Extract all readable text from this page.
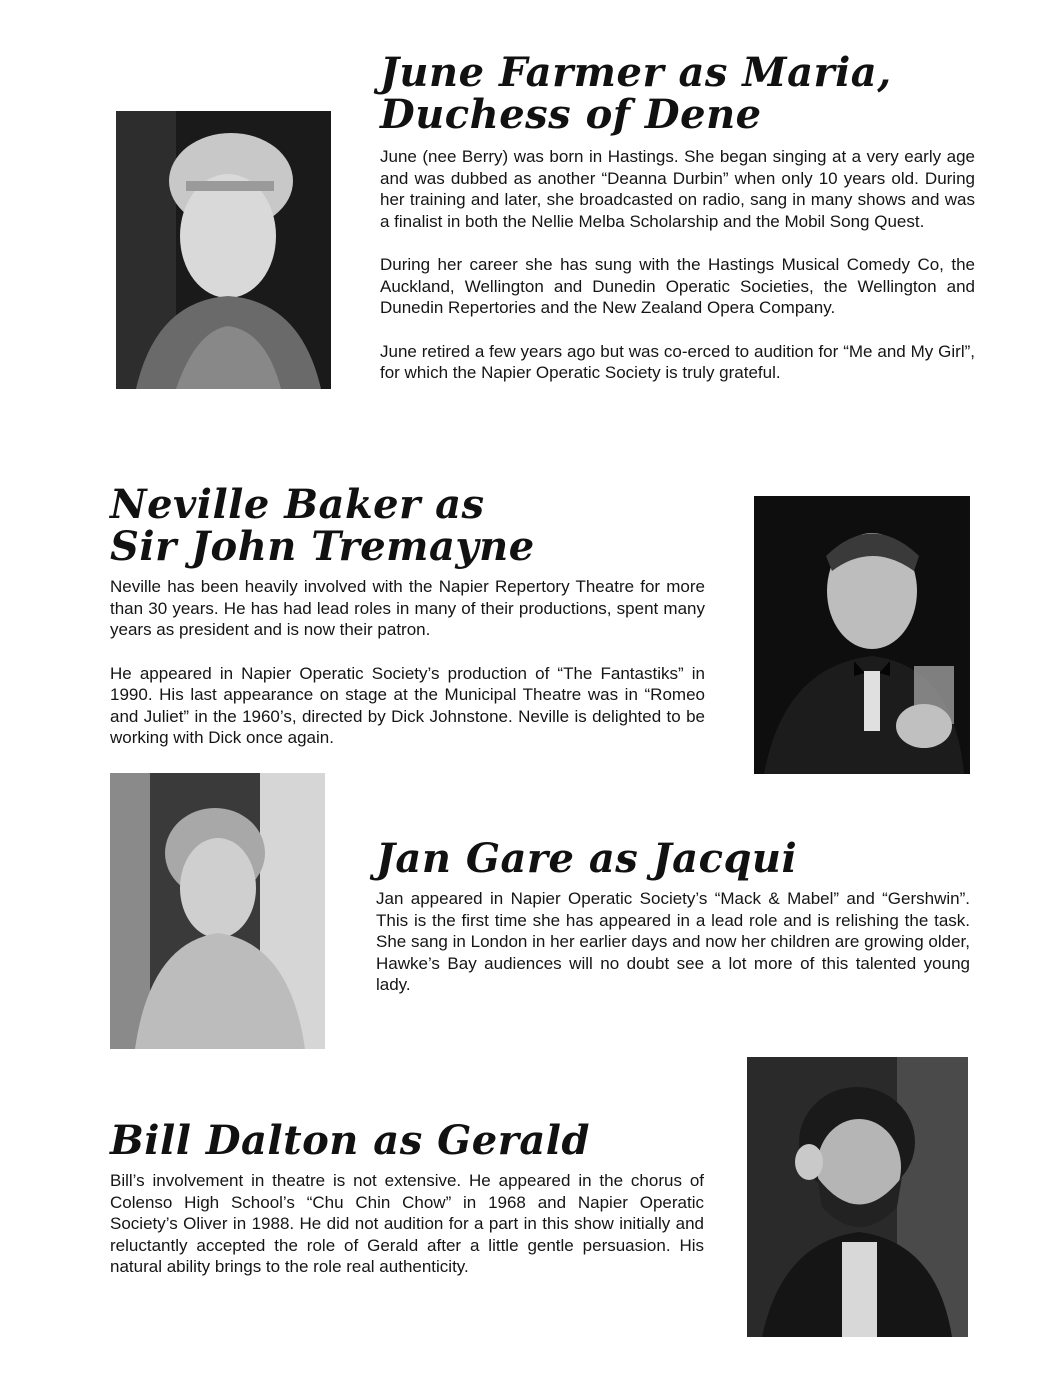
June Farmer as Maria,
Duchess of Dene

June (nee Berry) was born in Hastings. She began singing at a very early age and was dubbed as another “Deanna Durbin” when only 10 years old. During her training and later, she broadcasted on radio, sang in many shows and was a finalist in both the Nellie Melba Scholarship and the Mobil Song Quest.

During her career she has sung with the Hastings Musical Comedy Co, the Auckland, Wellington and Dunedin Operatic Societies, the Wellington and Dunedin Repertories and the New Zealand Opera Company.

June retired a few years ago but was co-erced to audition for “Me and My Girl”, for which the Napier Operatic Society is truly grateful.

Neville Baker as
Sir John Tremayne

Neville has been heavily involved with the Napier Repertory Theatre for more than 30 years. He has had lead roles in many of their productions, spent many years as president and is now their patron.

He appeared in Napier Operatic Society’s production of “The Fantastiks” in 1990. His last appearance on stage at the Municipal Theatre was in “Romeo and Juliet” in the 1960’s, directed by Dick Johnstone. Neville is delighted to be working with Dick once again.

Jan Gare as Jacqui

Jan appeared in Napier Operatic Society’s “Mack & Mabel” and “Gershwin”. This is the first time she has appeared in a lead role and is relishing the task. She sang in London in her earlier days and now her children are growing older, Hawke’s Bay audiences will no doubt see a lot more of this talented young lady.

Bill Dalton as Gerald

Bill’s involvement in theatre is not extensive. He appeared in the chorus of Colenso High School’s “Chu Chin Chow” in 1968 and Napier Operatic Society’s Oliver in 1988. He did not audition for a part in this show initially and reluctantly accepted the role of Gerald after a little gentle persuasion. His natural ability brings to the role real authenticity.
